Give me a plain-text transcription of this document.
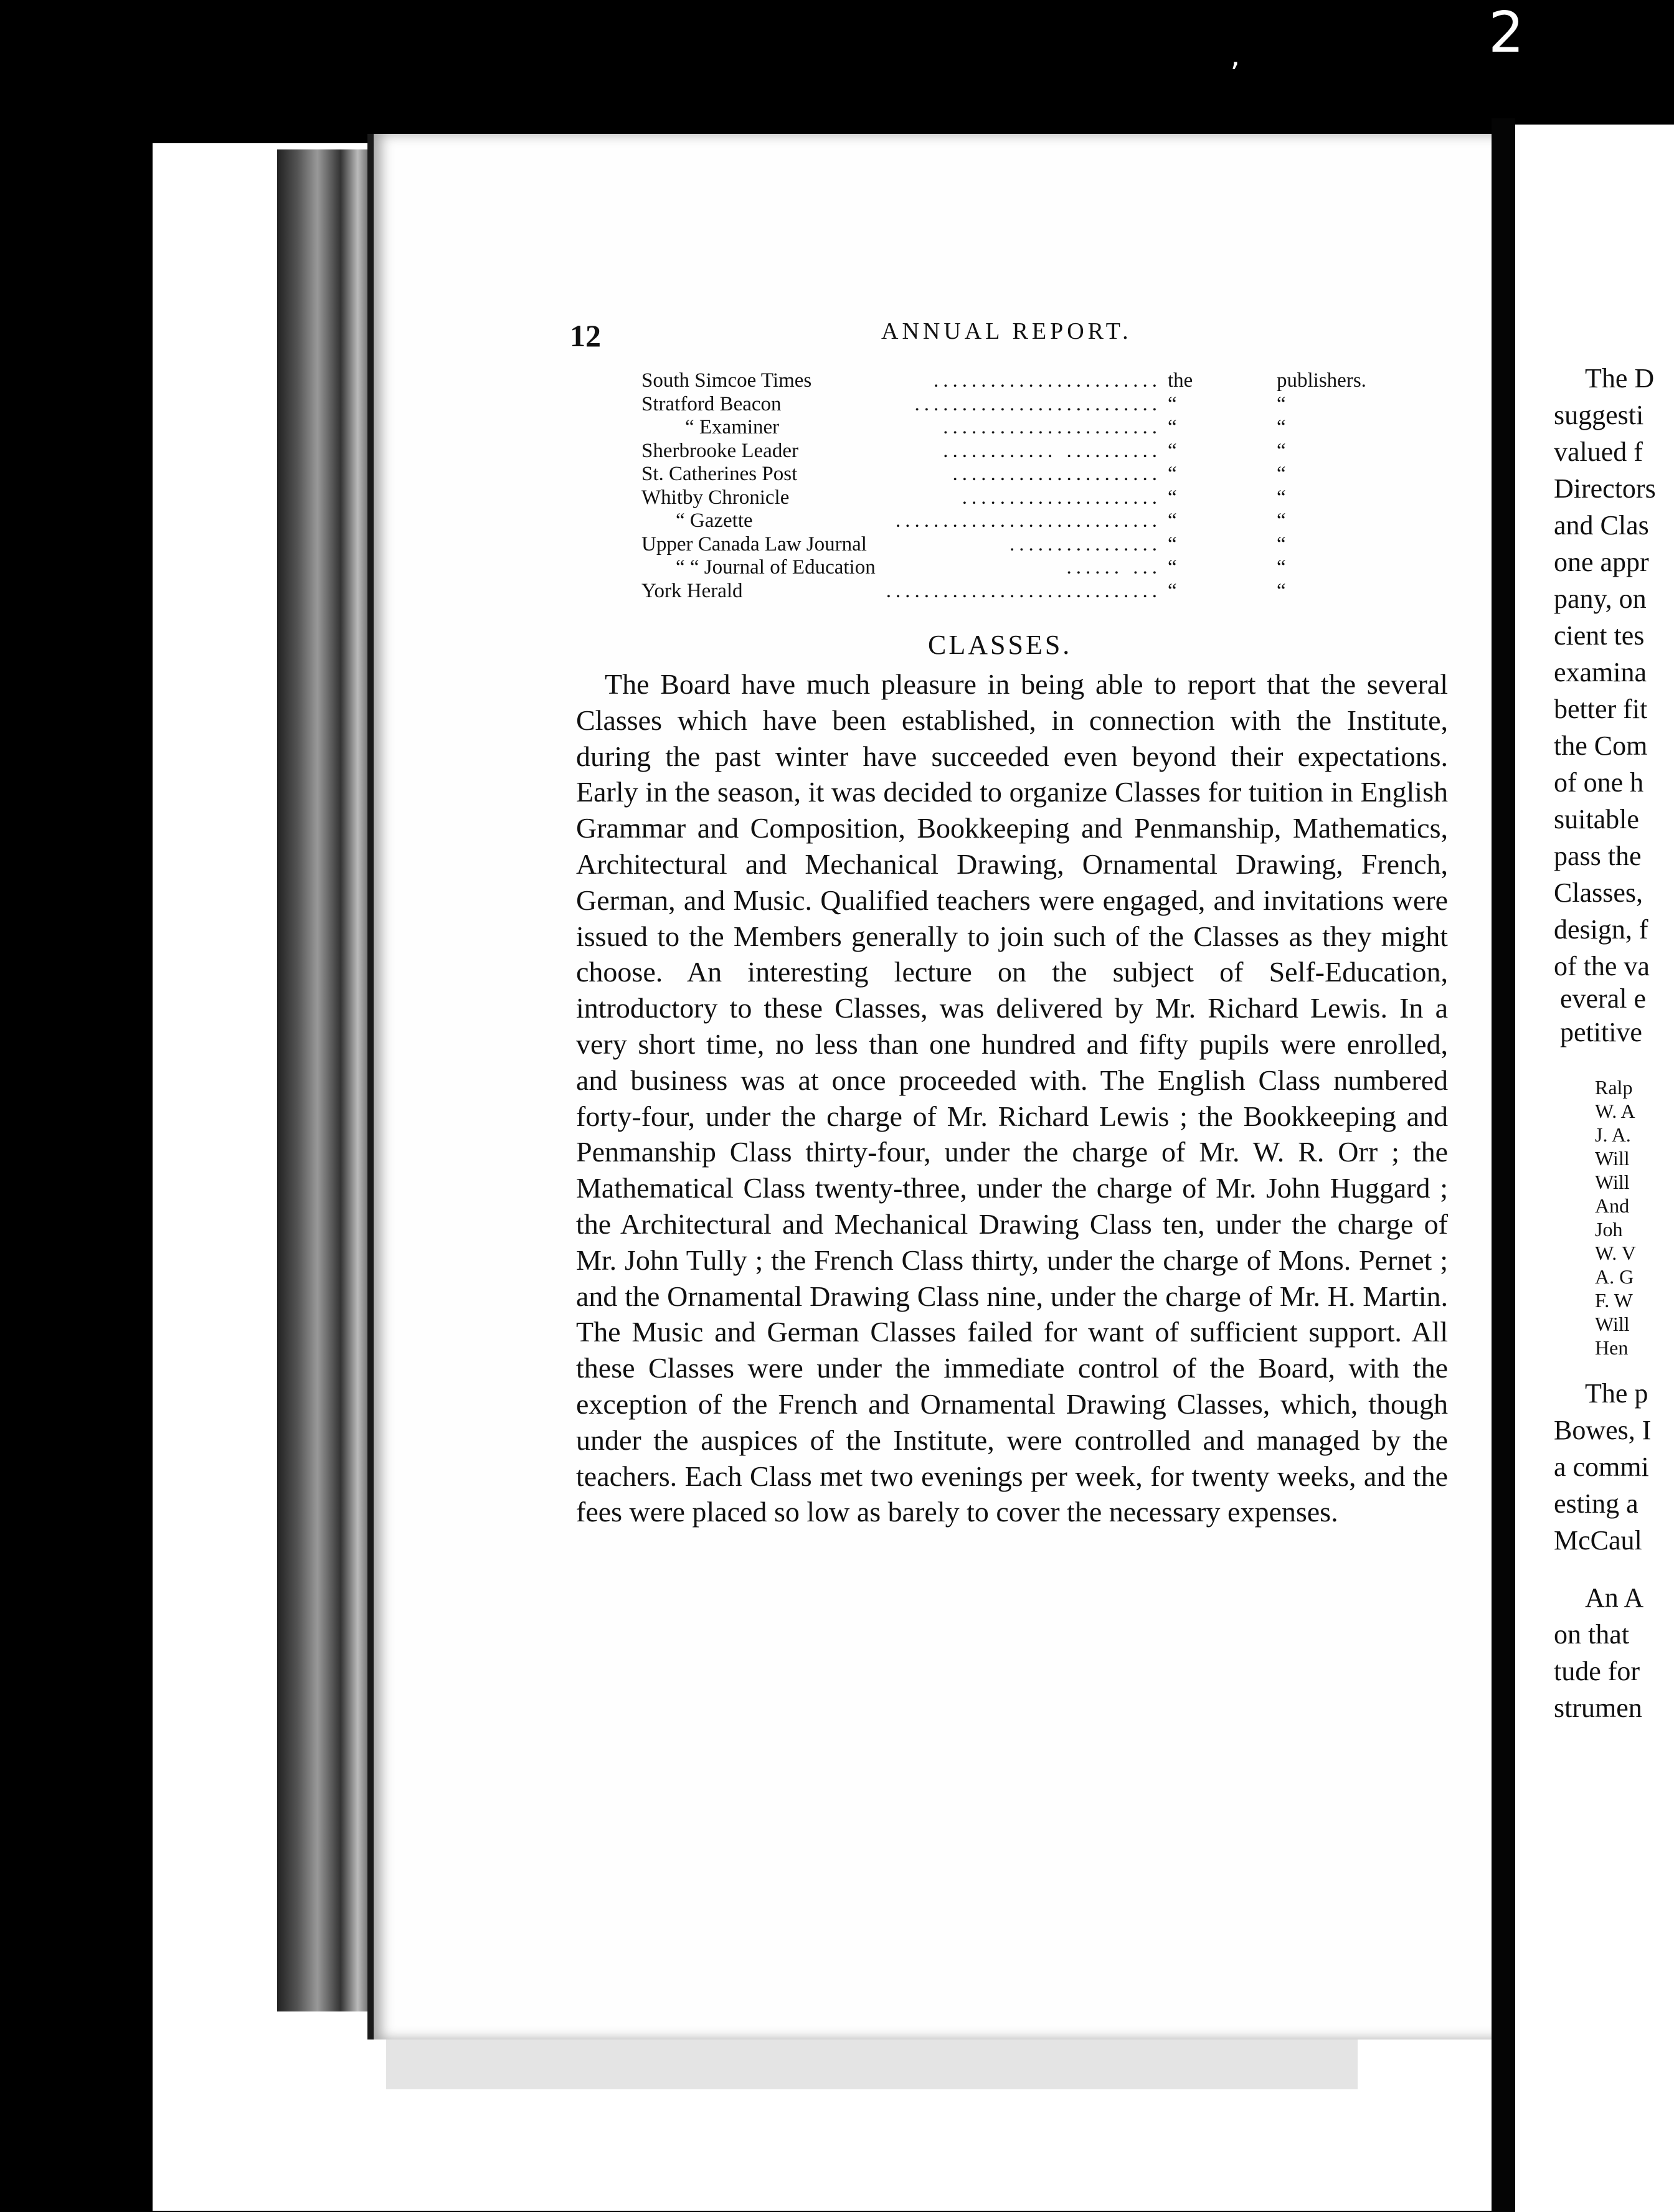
2
’
12	ANNUAL REPORT.
South Simcoe Times	........................ the	publishers.
Stratford Beacon	.......................... “	“
“ Examiner	....................... “	“
Sherbrooke Leader	............ .......... “	“
St. Catherines Post	...................... “	“
Whitby Chronicle	..................... “	“
“ Gazette	............................ “	“
Upper Canada Law Journal	................ “	“
“ “ Journal of Education	...... ... “	“
York Herald	............................. “	“
CLASSES.

The Board have much pleasure in being able to report that the several Classes which have been established, in connection with the Institute, during the past winter have succeeded even beyond their expectations. Early in the season, it was decided to organize Classes for tuition in English Grammar and Composition, Bookkeeping and Penmanship, Mathematics, Architectural and Mechanical Drawing, Ornamental Drawing, French, German, and Music. Qualified teachers were engaged, and invitations were issued to the Members generally to join such of the Classes as they might choose. An interesting lecture on the subject of Self-Education, introductory to these Classes, was delivered by Mr. Richard Lewis. In a very short time, no less than one hundred and fifty pupils were enrolled, and business was at once proceeded with. The English Class numbered forty-four, under the charge of Mr. Richard Lewis ; the Bookkeeping and Penmanship Class thirty-four, under the charge of Mr. W. R. Orr ; the Mathematical Class twenty-three, under the charge of Mr. John Huggard ; the Architectural and Mechanical Drawing Class ten, under the charge of Mr. John Tully ; the French Class thirty, under the charge of Mons. Pernet ; and the Ornamental Drawing Class nine, under the charge of Mr. H. Martin. The Music and German Classes failed for want of sufficient support. All these Classes were under the immediate control of the Board, with the exception of the French and Ornamental Drawing Classes, which, though under the auspices of the Institute, were controlled and managed by the teachers. Each Class met two evenings per week, for twenty weeks, and the fees were placed so low as barely to cover the necessary expenses.

The D
suggesti
valued f
Directors
and Clas
one appr
pany, on
cient tes
examina
better fit
the Com
of one h
suitable
pass the
Classes,
design, f
of the va
everal e
petitive
Ralp
W. A
J. A.
Will
Will
And
Joh
W. V
A. G
F. W
Will
Hen
The p
Bowes, I
a commi
esting a
McCaul
An A
on that
tude for
strumen
